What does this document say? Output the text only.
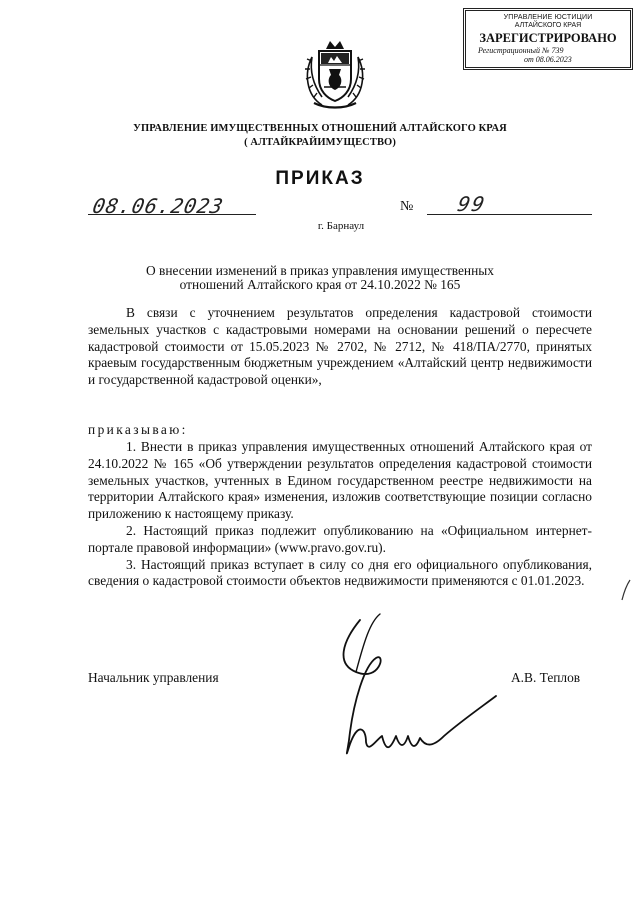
УПРАВЛЕНИЕ ЮСТИЦИИ
АЛТАЙСКОГО КРАЯ
ЗАРЕГИСТРИРОВАНО
Регистрационный № 739
от 08.06.2023
УПРАВЛЕНИЕ ИМУЩЕСТВЕННЫХ ОТНОШЕНИЙ АЛТАЙСКОГО КРАЯ
( АЛТАЙКРАЙИМУЩЕСТВО)
ПРИКАЗ
08.06.2023	№ 99
г. Барнаул
О внесении изменений в приказ управления имущественных
отношений Алтайского края от 24.10.2022 № 165

В связи с уточнением результатов определения кадастровой стоимости земельных участков с кадастровыми номерами на основании решений о пересчете кадастровой стоимости от 15.05.2023 № 2702, № 2712, № 418/ПА/2770, принятых краевым государственным бюджетным учреждением «Алтайский центр недвижимости и государственной кадастровой оценки»,

приказываю:

1. Внести в приказ управления имущественных отношений Алтайского края от 24.10.2022 № 165 «Об утверждении результатов определения кадастровой стоимости земельных участков, учтенных в Едином государственном реестре недвижимости на территории Алтайского края» изменения, изложив соответствующие позиции согласно приложению к настоящему приказу.

2. Настоящий приказ подлежит опубликованию на «Официальном интернет-портале правовой информации» (www.pravo.gov.ru).

3. Настоящий приказ вступает в силу со дня его официального опубликования, сведения о кадастровой стоимости объектов недвижимости применяются с 01.01.2023.

Начальник управления	А.В. Теплов
